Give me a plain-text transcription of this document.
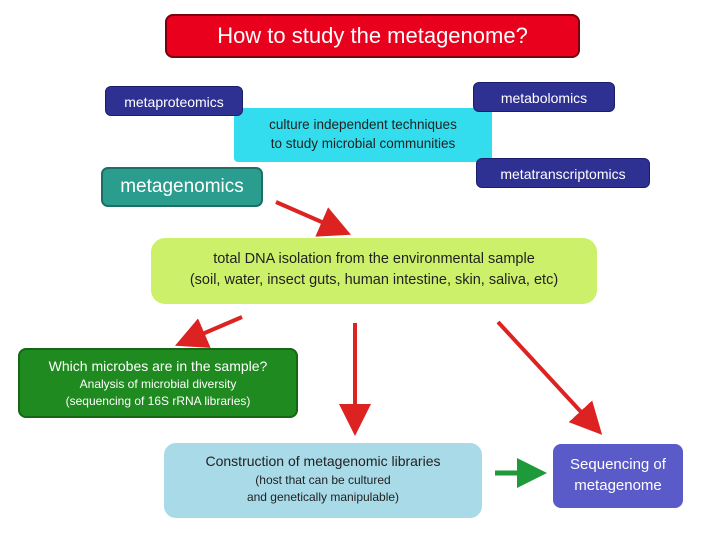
How to study the metagenome?
culture independent techniques
to study microbial communities
metaproteomics	metabolomics
metatranscriptomics
metagenomics
total DNA isolation from the environmental sample
(soil, water, insect guts, human intestine, skin, saliva, etc)
Which microbes are in the sample?
Analysis of microbial diversity
(sequencing of 16S rRNA libraries)
Construction of metagenomic libraries
(host that can be cultured
and genetically manipulable)
Sequencing of
metagenome
